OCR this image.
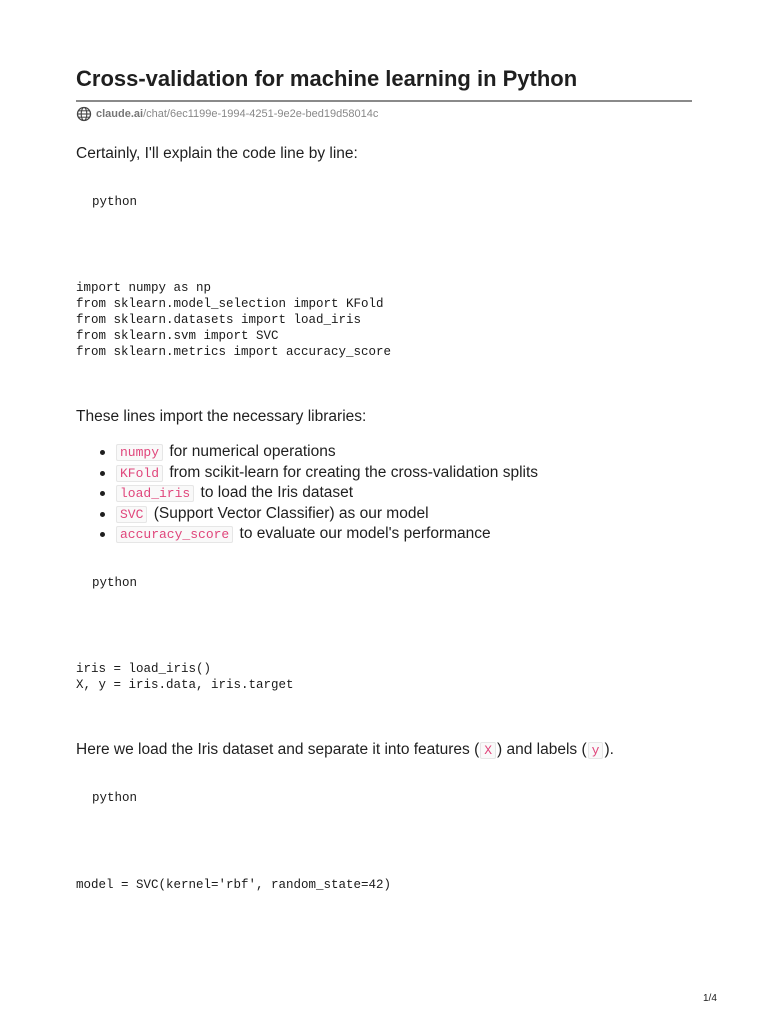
Cross-validation for machine learning in Python
claude.ai /chat/6ec1199e-1994-4251-9e2e-bed19d58014c

Certainly, I'll explain the code line by line:

python
import numpy as np
from sklearn.model_selection import KFold
from sklearn.datasets import load_iris
from sklearn.svm import SVC
from sklearn.metrics import accuracy_score

These lines import the necessary libraries:

numpy for numerical operations
KFold from scikit-learn for creating the cross-validation splits
load_iris to load the Iris dataset
SVC (Support Vector Classifier) as our model
accuracy_score to evaluate our model's performance
python
iris = load_iris()
X, y = iris.data, iris.target

Here we load the Iris dataset and separate it into features ( X ) and labels ( y ).

python
model = SVC(kernel='rbf', random_state=42)
1/4
